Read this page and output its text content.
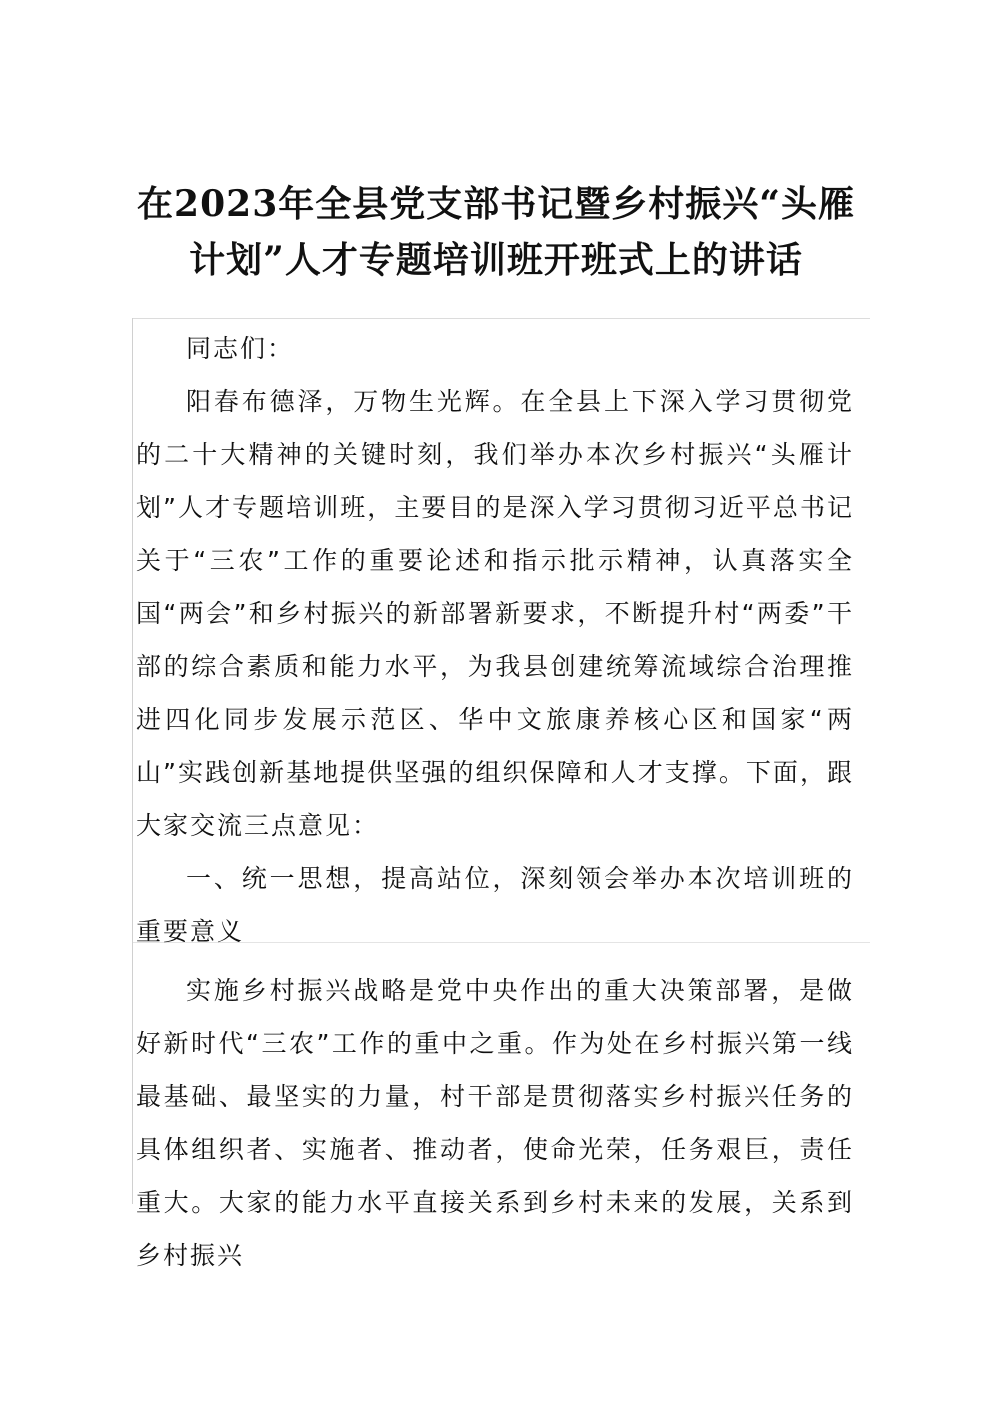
在2023年全县党支部书记暨乡村振兴“头雁
计划”人才专题培训班开班式上的讲话

同志们：

阳春布德泽，万物生光辉。在全县上下深入学习贯彻党的二十大精神的关键时刻，我们举办本次乡村振兴“头雁计划”人才专题培训班，主要目的是深入学习贯彻习近平总书记关于“三农”工作的重要论述和指示批示精神，认真落实全国“两会”和乡村振兴的新部署新要求，不断提升村“两委”干部的综合素质和能力水平，为我县创建统筹流域综合治理推进四化同步发展示范区、华中文旅康养核心区和国家“两山”实践创新基地提供坚强的组织保障和人才支撑。下面，跟大家交流三点意见：

一、统一思想，提高站位，深刻领会举办本次培训班的重要意义

实施乡村振兴战略是党中央作出的重大决策部署，是做好新时代“三农”工作的重中之重。作为处在乡村振兴第一线最基础、最坚实的力量，村干部是贯彻落实乡村振兴任务的具体组织者、实施者、推动者，使命光荣，任务艰巨，责任重大。大家的能力水平直接关系到乡村未来的发展，关系到乡村振兴
